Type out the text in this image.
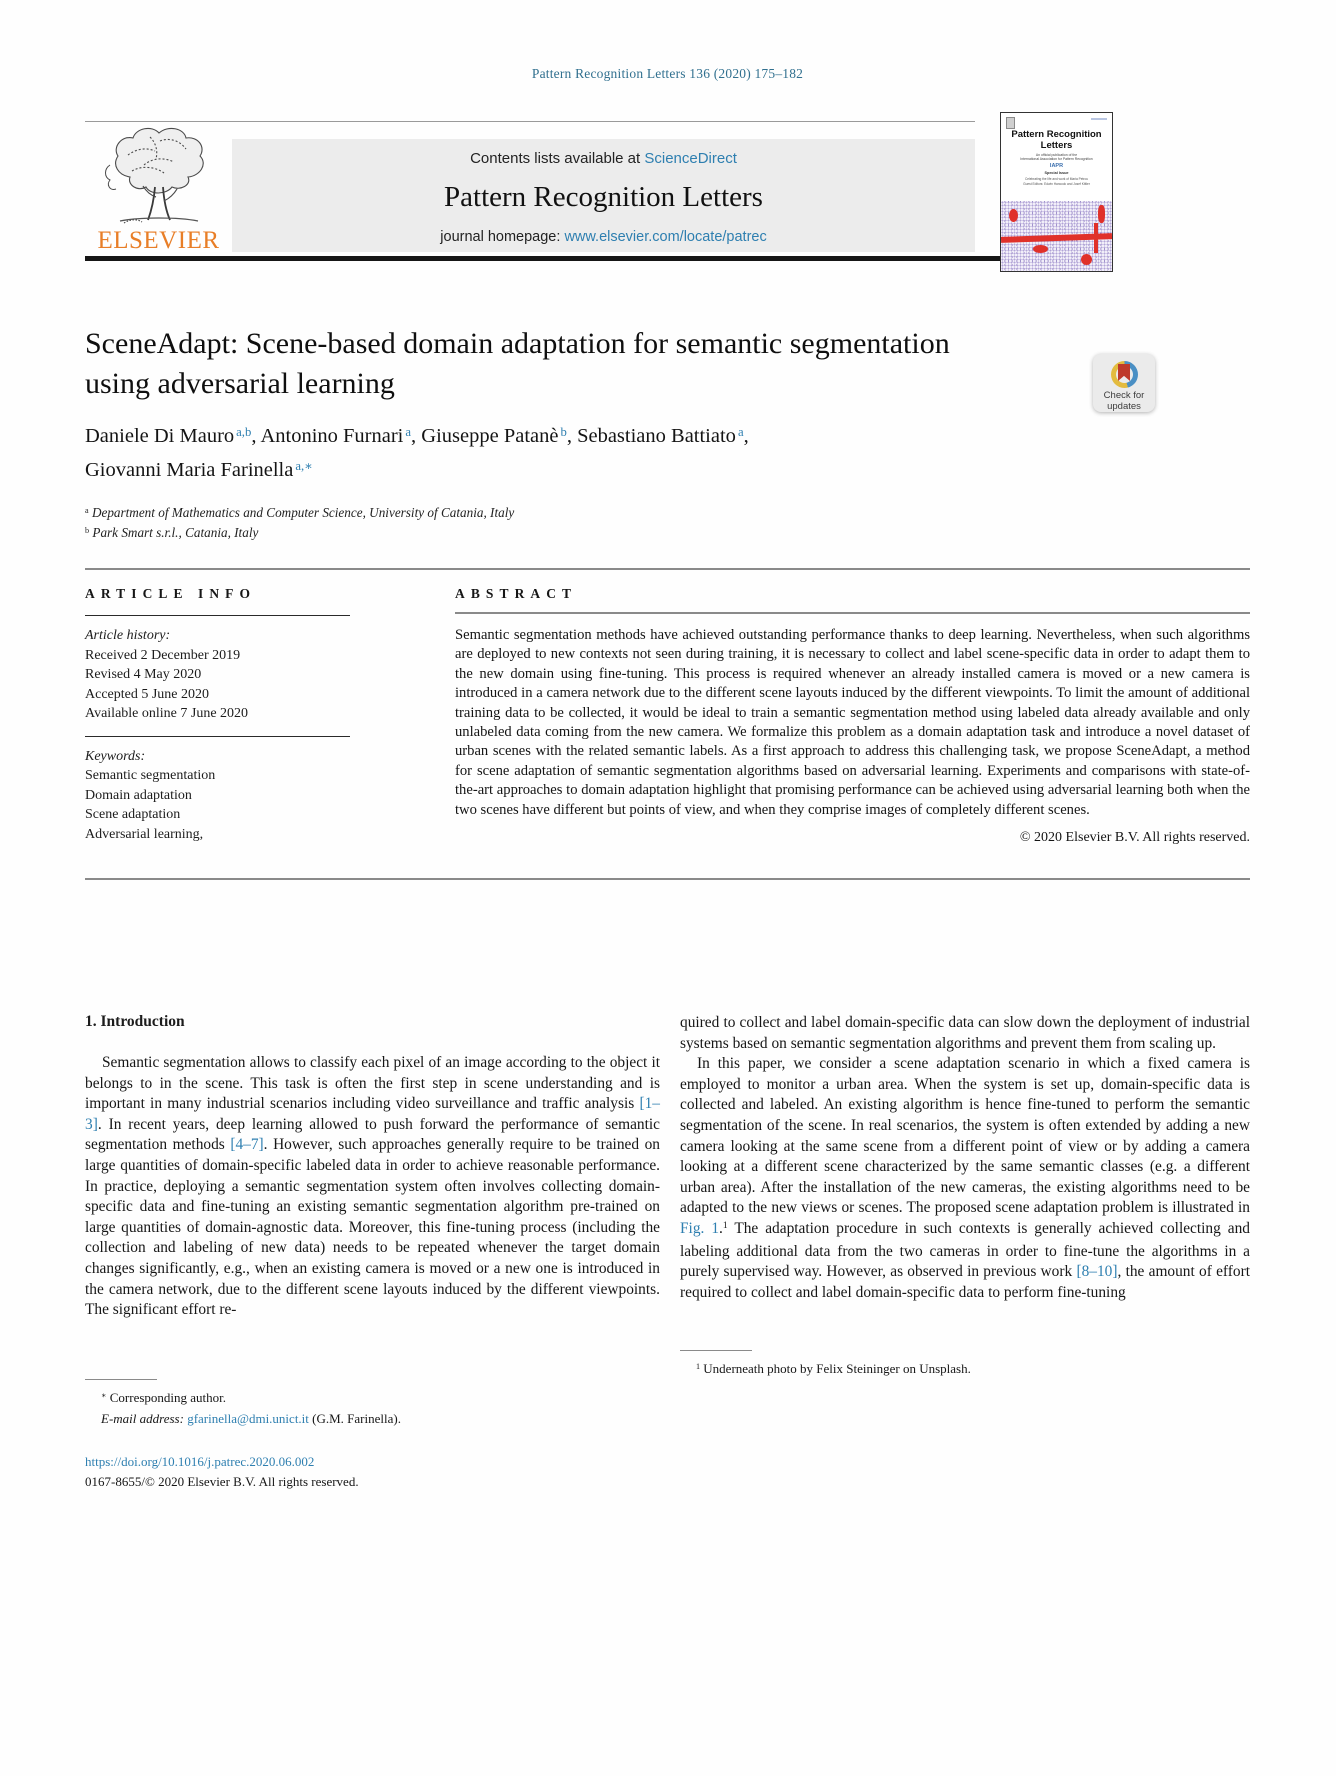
Pattern Recognition Letters 136 (2020) 175–182
ELSEVIER
Contents lists available at ScienceDirect
Pattern Recognition Letters
journal homepage: www.elsevier.com/locate/patrec
Pattern Recognition
Letters
An official publication of the
International Association for Pattern Recognition
IAPR
Special Issue
Celebrating the life and work of Maria Petrou
Guest Editors: Edwin Hancock and Josef Kittler
SceneAdapt: Scene-based domain adaptation for semantic segmentation using adversarial learning	Check for
updates
Daniele Di Mauro $^{a,b}$, Antonino Furnari $^a$, Giuseppe Patanè $^b$, Sebastiano Battiato $^a$,
Giovanni Maria Farinella $^{a,∗}$
$^a$ Department of Mathematics and Computer Science, University of Catania, Italy
$^b$ Park Smart s.r.l., Catania, Italy
ARTICLE INFO
Article history:
Received 2 December 2019
Revised 4 May 2020
Accepted 5 June 2020
Available online 7 June 2020
Keywords:
Semantic segmentation
Domain adaptation
Scene adaptation
Adversarial learning,
ABSTRACT
Semantic segmentation methods have achieved outstanding performance thanks to deep learning. Nevertheless, when such algorithms are deployed to new contexts not seen during training, it is necessary to collect and label scene-specific data in order to adapt them to the new domain using fine-tuning. This process is required whenever an already installed camera is moved or a new camera is introduced in a camera network due to the different scene layouts induced by the different viewpoints. To limit the amount of additional training data to be collected, it would be ideal to train a semantic segmentation method using labeled data already available and only unlabeled data coming from the new camera. We formalize this problem as a domain adaptation task and introduce a novel dataset of urban scenes with the related semantic labels. As a first approach to address this challenging task, we propose SceneAdapt, a method for scene adaptation of semantic segmentation algorithms based on adversarial learning. Experiments and comparisons with state-of-the-art approaches to domain adaptation highlight that promising performance can be achieved using adversarial learning both when the two scenes have different but points of view, and when they comprise images of completely different scenes.
© 2020 Elsevier B.V. All rights reserved.
1. Introduction
Semantic segmentation allows to classify each pixel of an image according to the object it belongs to in the scene. This task is often the first step in scene understanding and is important in many industrial scenarios including video surveillance and traffic analysis [1–3]. In recent years, deep learning allowed to push forward the performance of semantic segmentation methods [4–7]. However, such approaches generally require to be trained on large quantities of domain-specific labeled data in order to achieve reasonable performance. In practice, deploying a semantic segmentation system often involves collecting domain-specific data and fine-tuning an existing semantic segmentation algorithm pre-trained on large quantities of domain-agnostic data. Moreover, this fine-tuning process (including the collection and labeling of new data) needs to be repeated whenever the target domain changes significantly, e.g., when an existing camera is moved or a new one is introduced in the camera network, due to the different scene layouts induced by the different viewpoints. The significant effort re-
∗ Corresponding author.
E-mail address: gfarinella@dmi.unict.it (G.M. Farinella).
https://doi.org/10.1016/j.patrec.2020.06.002
0167-8655/© 2020 Elsevier B.V. All rights reserved.
quired to collect and label domain-specific data can slow down the deployment of industrial systems based on semantic segmentation algorithms and prevent them from scaling up.
In this paper, we consider a scene adaptation scenario in which a fixed camera is employed to monitor a urban area. When the system is set up, domain-specific data is collected and labeled. An existing algorithm is hence fine-tuned to perform the semantic segmentation of the scene. In real scenarios, the system is often extended by adding a new camera looking at the same scene from a different point of view or by adding a camera looking at a different scene characterized by the same semantic classes (e.g. a different urban area). After the installation of the new cameras, the existing algorithms need to be adapted to the new views or scenes. The proposed scene adaptation problem is illustrated in Fig. 1.$^1$ The adaptation procedure in such contexts is generally achieved collecting and labeling additional data from the two cameras in order to fine-tune the algorithms in a purely supervised way. However, as observed in previous work [8–10], the amount of effort required to collect and label domain-specific data to perform fine-tuning
$^1$ Underneath photo by Felix Steininger on Unsplash.
